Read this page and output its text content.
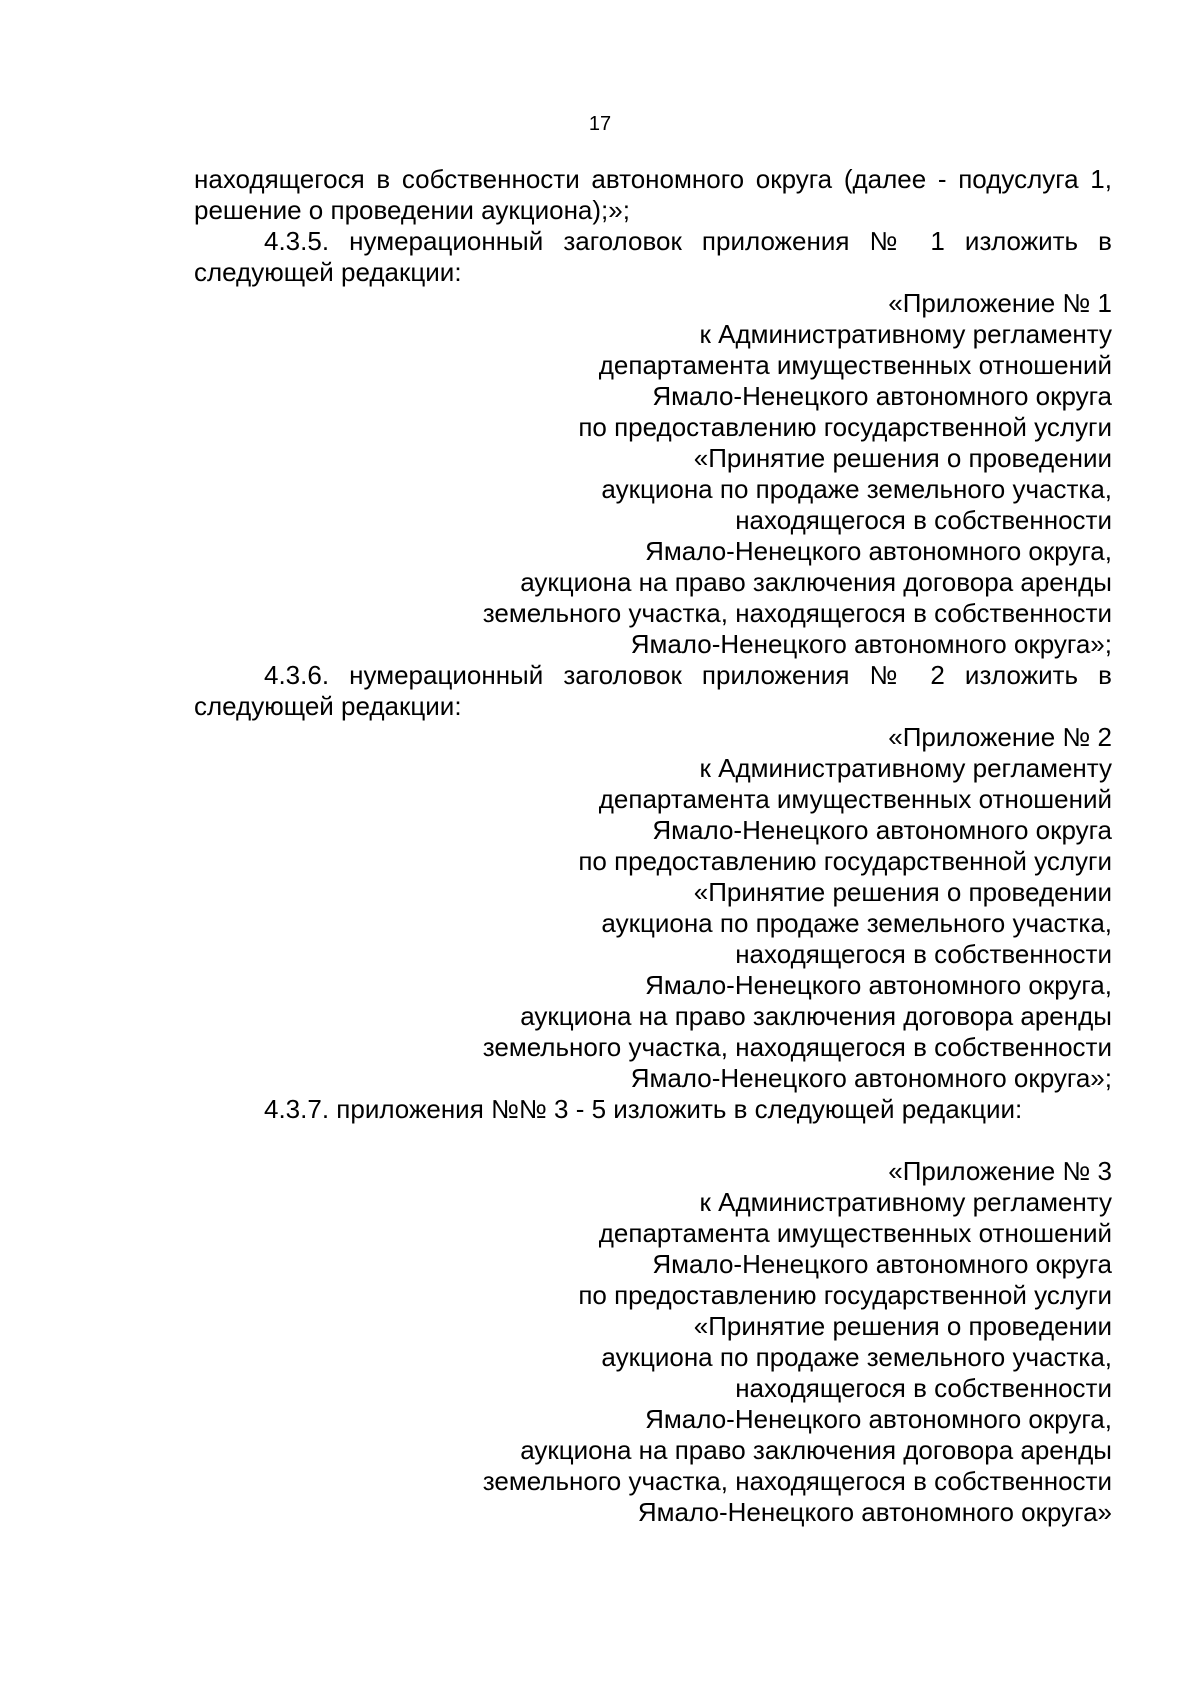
17
находящегося в собственности автономного округа (далее - подуслуга 1,
решение о проведении аукциона);»;
4.3.5. нумерационный заголовок приложения № 1 изложить в
следующей редакции:
«Приложение № 1
к Административному регламенту
департамента имущественных отношений
Ямало-Ненецкого автономного округа
по предоставлению государственной услуги
«Принятие решения о проведении
аукциона по продаже земельного участка,
находящегося в собственности
Ямало-Ненецкого автономного округа,
аукциона на право заключения договора аренды
земельного участка, находящегося в собственности
Ямало-Ненецкого автономного округа»;
4.3.6. нумерационный заголовок приложения № 2 изложить в
следующей редакции:
«Приложение № 2
к Административному регламенту
департамента имущественных отношений
Ямало-Ненецкого автономного округа
по предоставлению государственной услуги
«Принятие решения о проведении
аукциона по продаже земельного участка,
находящегося в собственности
Ямало-Ненецкого автономного округа,
аукциона на право заключения договора аренды
земельного участка, находящегося в собственности
Ямало-Ненецкого автономного округа»;
4.3.7. приложения №№ 3 - 5 изложить в следующей редакции:
«Приложение № 3
к Административному регламенту
департамента имущественных отношений
Ямало-Ненецкого автономного округа
по предоставлению государственной услуги
«Принятие решения о проведении
аукциона по продаже земельного участка,
находящегося в собственности
Ямало-Ненецкого автономного округа,
аукциона на право заключения договора аренды
земельного участка, находящегося в собственности
Ямало-Ненецкого автономного округа»
